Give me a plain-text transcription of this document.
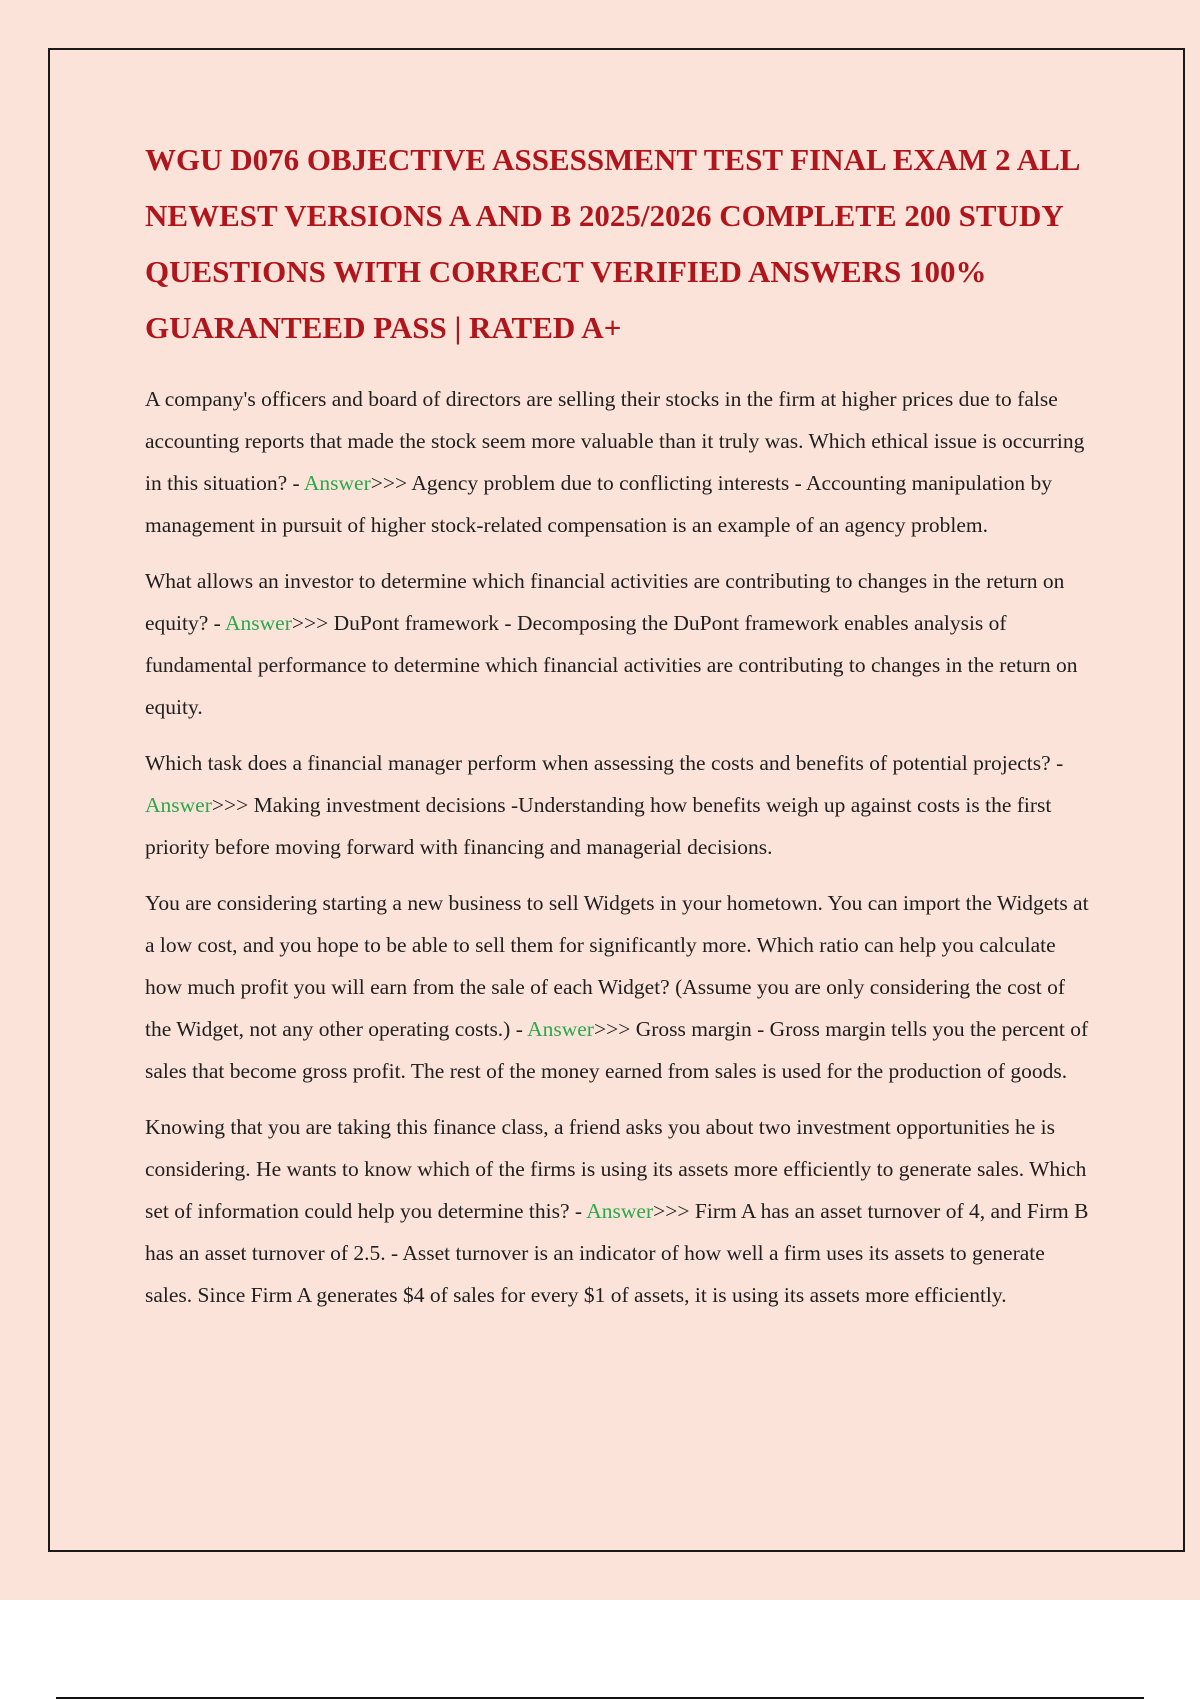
WGU D076 OBJECTIVE ASSESSMENT TEST FINAL EXAM 2 ALL NEWEST VERSIONS A AND B 2025/2026 COMPLETE 200 STUDY QUESTIONS WITH CORRECT VERIFIED ANSWERS 100% GUARANTEED PASS | RATED A+

A company's officers and board of directors are selling their stocks in the firm at higher prices due to false accounting reports that made the stock seem more valuable than it truly was. Which ethical issue is occurring in this situation? - Answer>>> Agency problem due to conflicting interests - Accounting manipulation by management in pursuit of higher stock-related compensation is an example of an agency problem.

What allows an investor to determine which financial activities are contributing to changes in the return on equity? - Answer>>> DuPont framework - Decomposing the DuPont framework enables analysis of fundamental performance to determine which financial activities are contributing to changes in the return on equity.

Which task does a financial manager perform when assessing the costs and benefits of potential projects? - Answer>>> Making investment decisions -Understanding how benefits weigh up against costs is the first priority before moving forward with financing and managerial decisions.

You are considering starting a new business to sell Widgets in your hometown. You can import the Widgets at a low cost, and you hope to be able to sell them for significantly more. Which ratio can help you calculate how much profit you will earn from the sale of each Widget? (Assume you are only considering the cost of the Widget, not any other operating costs.) - Answer>>> Gross margin - Gross margin tells you the percent of sales that become gross profit. The rest of the money earned from sales is used for the production of goods.

Knowing that you are taking this finance class, a friend asks you about two investment opportunities he is considering. He wants to know which of the firms is using its assets more efficiently to generate sales. Which set of information could help you determine this? - Answer>>> Firm A has an asset turnover of 4, and Firm B has an asset turnover of 2.5. - Asset turnover is an indicator of how well a firm uses its assets to generate sales. Since Firm A generates $4 of sales for every $1 of assets, it is using its assets more efficiently.
